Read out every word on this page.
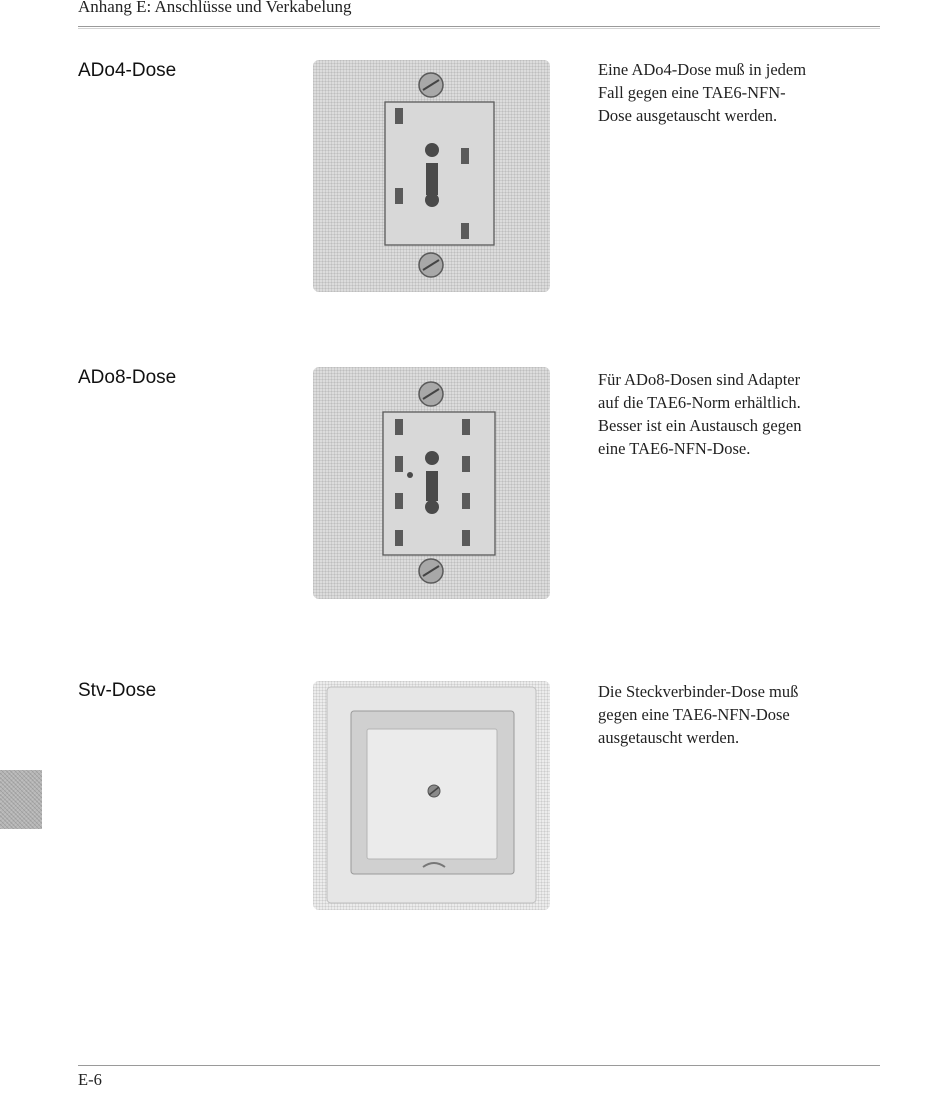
Anhang E: Anschlüsse und Verkabelung
ADo4-Dose	Eine ADo4-Dose muß in jedem
Fall gegen eine TAE6-NFN-
Dose ausgetauscht werden.
ADo8-Dose	Für ADo8-Dosen sind Adapter
auf die TAE6-Norm erhältlich.
Besser ist ein Austausch gegen
eine TAE6-NFN-Dose.
Stv-Dose	Die Steckverbinder-Dose muß
gegen eine TAE6-NFN-Dose
ausgetauscht werden.
E-6
